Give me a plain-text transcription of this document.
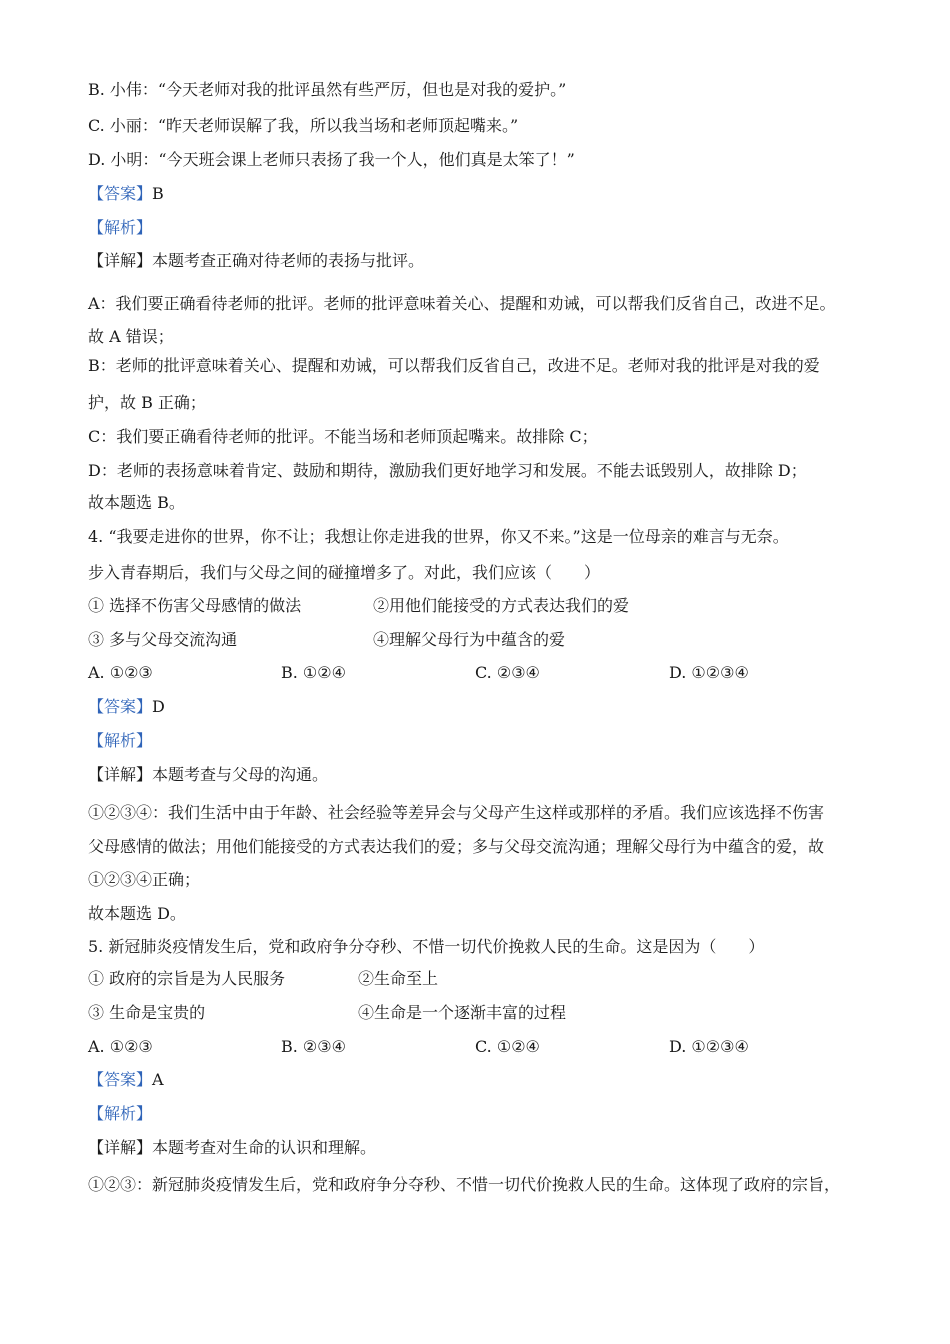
B. 小伟：“今天老师对我的批评虽然有些严厉，但也是对我的爱护。”
C. 小丽：“昨天老师误解了我，所以我当场和老师顶起嘴来。”
D. 小明：“今天班会课上老师只表扬了我一个人，他们真是太笨了！”
【答案】B
【解析】
【详解】本题考查正确对待老师的表扬与批评。
A：我们要正确看待老师的批评。老师的批评意味着关心、提醒和劝诫，可以帮我们反省自己，改进不足。
故 A 错误；
B：老师的批评意味着关心、提醒和劝诫，可以帮我们反省自己，改进不足。老师对我的批评是对我的爱
护，故 B 正确；
C：我们要正确看待老师的批评。不能当场和老师顶起嘴来。故排除 C；
D：老师的表扬意味着肯定、鼓励和期待，激励我们更好地学习和发展。不能去诋毁别人，故排除 D；
故本题选 B。
4. “我要走进你的世界，你不让；我想让你走进我的世界，你又不来。”这是一位母亲的难言与无奈。
步入青春期后，我们与父母之间的碰撞增多了。对此，我们应该（　　）
① 选择不伤害父母感情的做法	②用他们能接受的方式表达我们的爱
③ 多与父母交流沟通	④理解父母行为中蕴含的爱
A. ①②③	B. ①②④	C. ②③④	D. ①②③④
【答案】D
【解析】
【详解】本题考查与父母的沟通。
①②③④：我们生活中由于年龄、社会经验等差异会与父母产生这样或那样的矛盾。我们应该选择不伤害
父母感情的做法；用他们能接受的方式表达我们的爱；多与父母交流沟通；理解父母行为中蕴含的爱，故
①②③④正确；
故本题选 D。
5. 新冠肺炎疫情发生后，党和政府争分夺秒、不惜一切代价挽救人民的生命。这是因为（　　）
① 政府的宗旨是为人民服务	②生命至上
③ 生命是宝贵的	④生命是一个逐渐丰富的过程
A. ①②③	B. ②③④	C. ①②④	D. ①②③④
【答案】A
【解析】
【详解】本题考查对生命的认识和理解。
①②③：新冠肺炎疫情发生后，党和政府争分夺秒、不惜一切代价挽救人民的生命。这体现了政府的宗旨，
